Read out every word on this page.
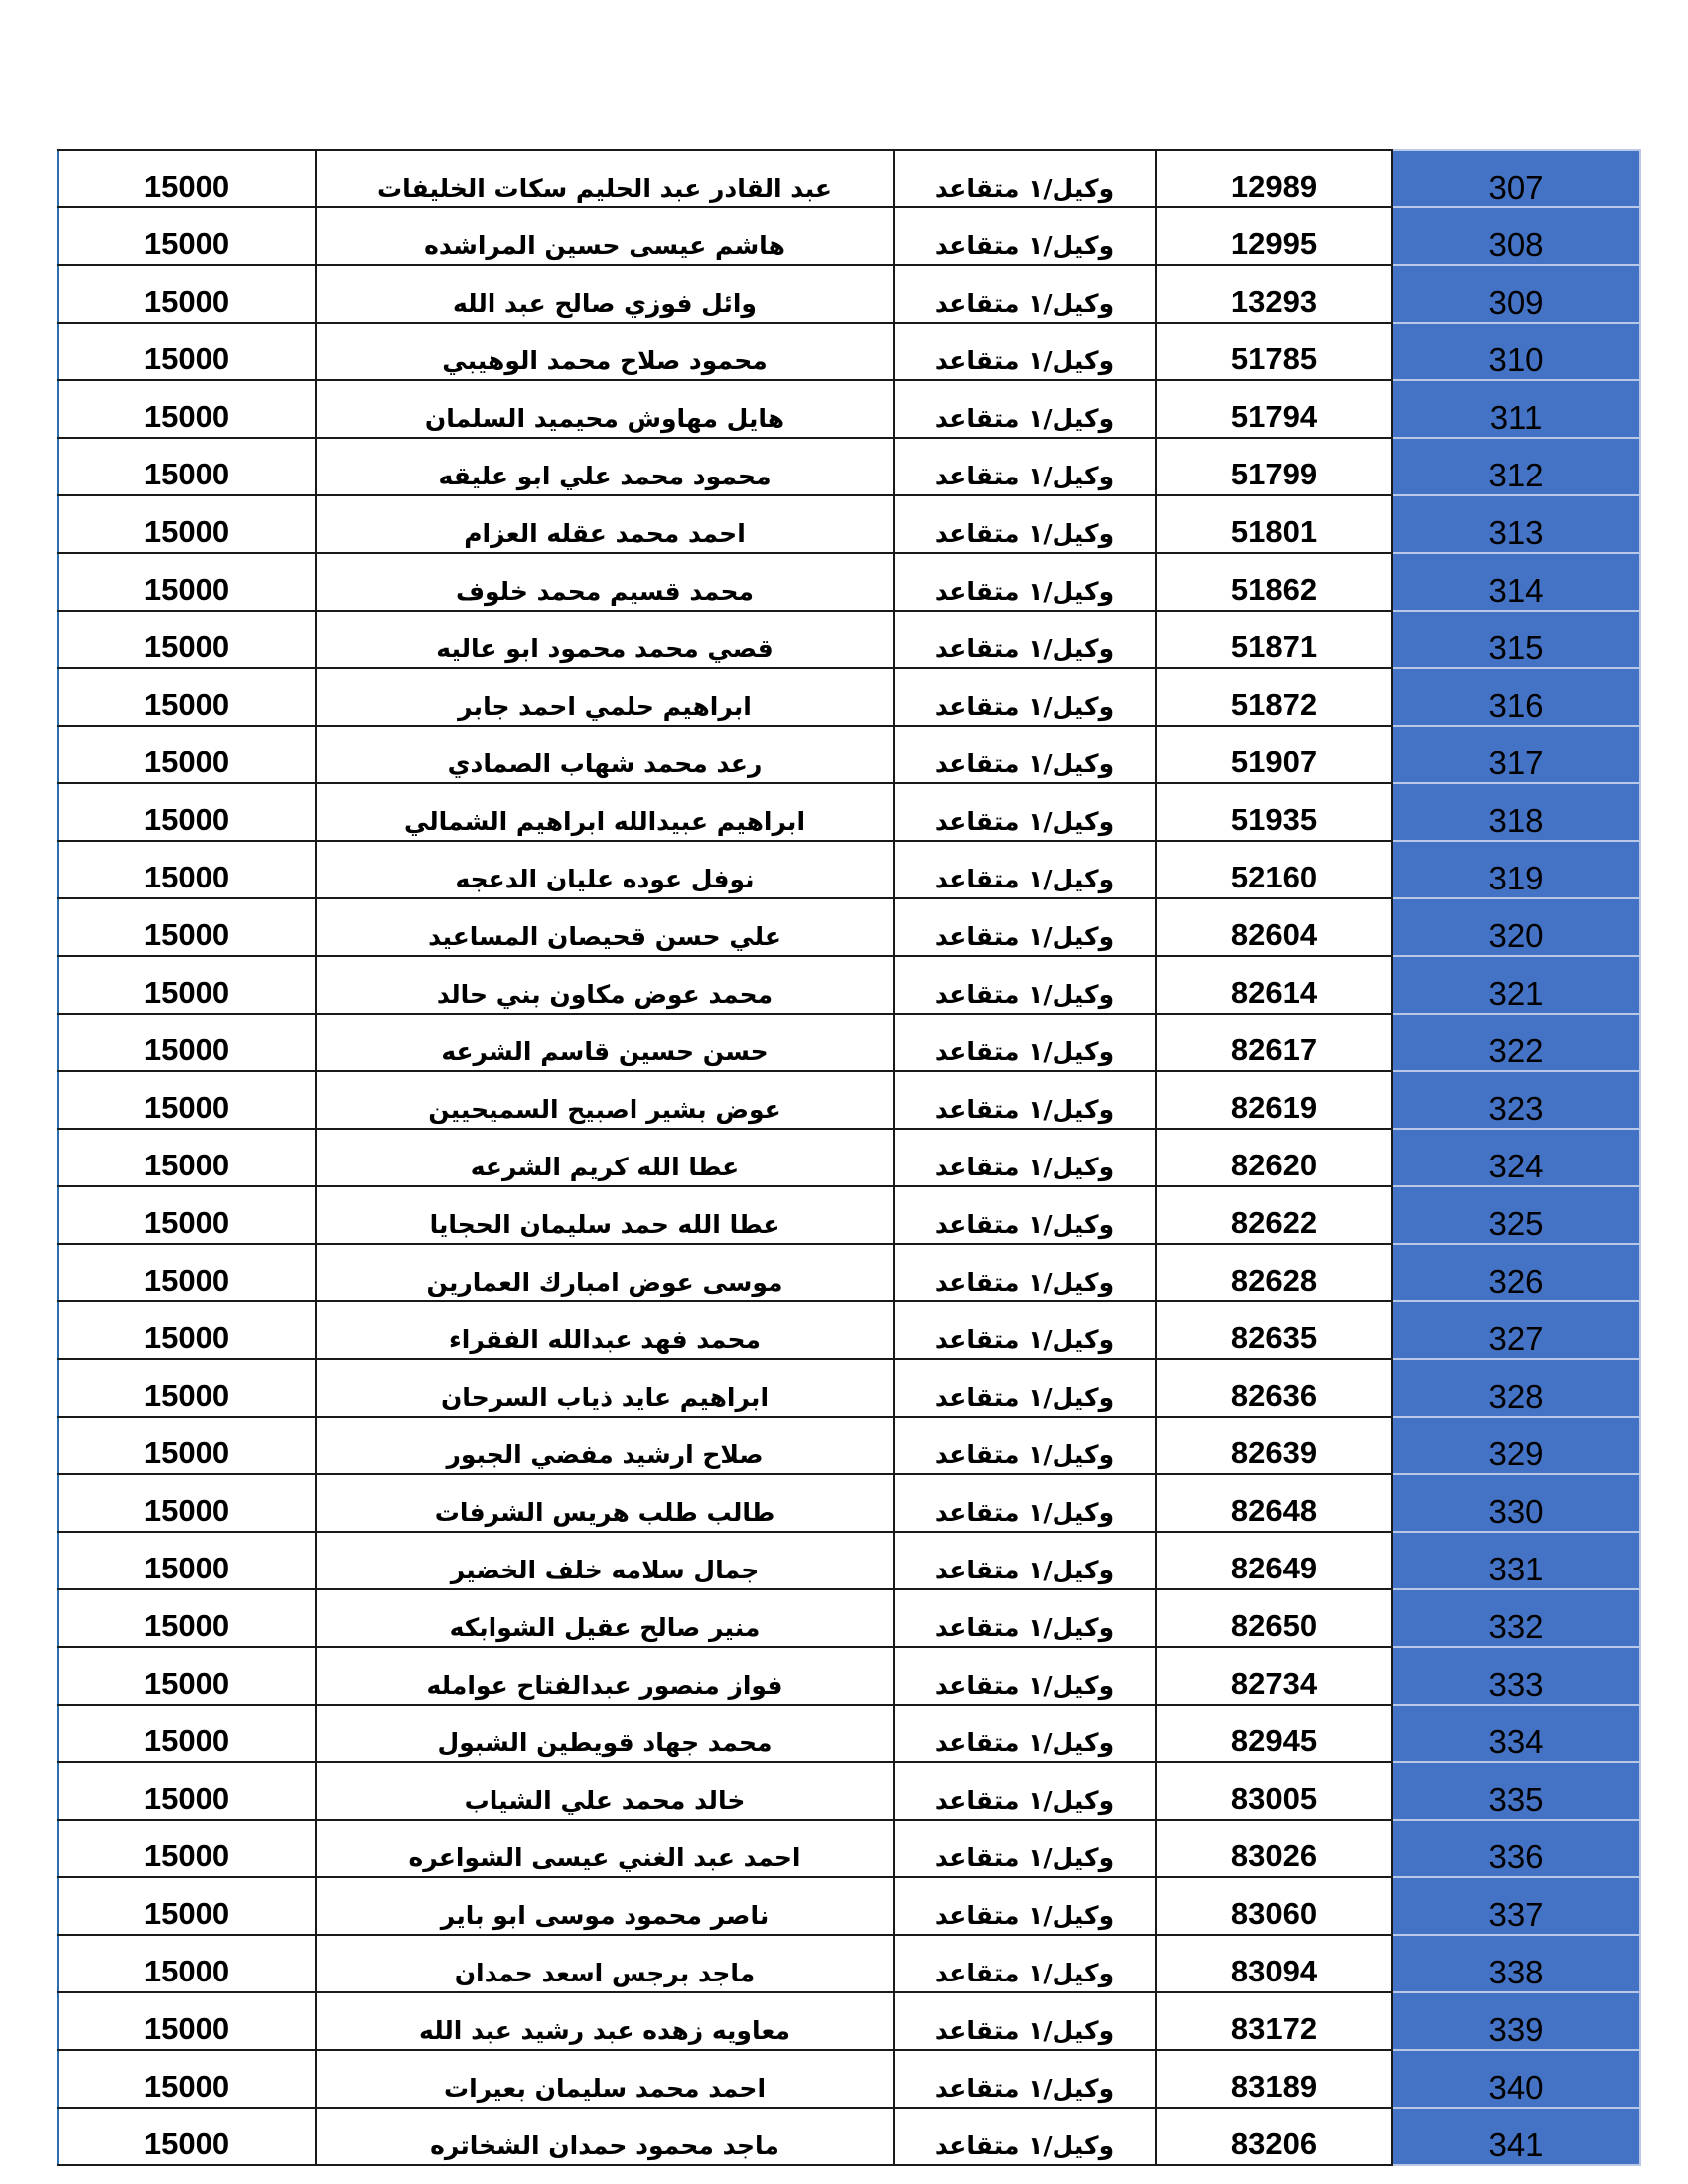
15000	عبد القادر عبد الحليم سكات الخليفات	وكيل/١ متقاعد	12989	307
15000	هاشم عيسى حسين المراشده	وكيل/١ متقاعد	12995	308
15000	وائل فوزي صالح عبد الله	وكيل/١ متقاعد	13293	309
15000	محمود صلاح محمد الوهيبي	وكيل/١ متقاعد	51785	310
15000	هايل مهاوش محيميد السلمان	وكيل/١ متقاعد	51794	311
15000	محمود محمد علي ابو عليقه	وكيل/١ متقاعد	51799	312
15000	احمد محمد عقله العزام	وكيل/١ متقاعد	51801	313
15000	محمد قسيم محمد خلوف	وكيل/١ متقاعد	51862	314
15000	قصي محمد محمود ابو عاليه	وكيل/١ متقاعد	51871	315
15000	ابراهيم حلمي احمد جابر	وكيل/١ متقاعد	51872	316
15000	رعد محمد شهاب الصمادي	وكيل/١ متقاعد	51907	317
15000	ابراهيم عبيدالله ابراهيم الشمالي	وكيل/١ متقاعد	51935	318
15000	نوفل عوده عليان الدعجه	وكيل/١ متقاعد	52160	319
15000	علي حسن قحيصان المساعيد	وكيل/١ متقاعد	82604	320
15000	محمد عوض مكاون بني حالد	وكيل/١ متقاعد	82614	321
15000	حسن حسين قاسم الشرعه	وكيل/١ متقاعد	82617	322
15000	عوض بشير اصبيح السميحيين	وكيل/١ متقاعد	82619	323
15000	عطا الله كريم الشرعه	وكيل/١ متقاعد	82620	324
15000	عطا الله حمد سليمان الحجايا	وكيل/١ متقاعد	82622	325
15000	موسى عوض امبارك العمارين	وكيل/١ متقاعد	82628	326
15000	محمد فهد عبدالله الفقراء	وكيل/١ متقاعد	82635	327
15000	ابراهيم عايد ذياب السرحان	وكيل/١ متقاعد	82636	328
15000	صلاح ارشيد مفضي الجبور	وكيل/١ متقاعد	82639	329
15000	طالب طلب هريس الشرفات	وكيل/١ متقاعد	82648	330
15000	جمال سلامه خلف الخضير	وكيل/١ متقاعد	82649	331
15000	منير صالح عقيل الشوابكه	وكيل/١ متقاعد	82650	332
15000	فواز منصور عبدالفتاح عوامله	وكيل/١ متقاعد	82734	333
15000	محمد جهاد قويطين الشبول	وكيل/١ متقاعد	82945	334
15000	خالد محمد علي الشياب	وكيل/١ متقاعد	83005	335
15000	احمد عبد الغني عيسى الشواعره	وكيل/١ متقاعد	83026	336
15000	ناصر محمود موسى ابو باير	وكيل/١ متقاعد	83060	337
15000	ماجد برجس اسعد حمدان	وكيل/١ متقاعد	83094	338
15000	معاويه زهده عبد رشيد عبد الله	وكيل/١ متقاعد	83172	339
15000	احمد محمد سليمان بعيرات	وكيل/١ متقاعد	83189	340
15000	ماجد محمود حمدان الشخاتره	وكيل/١ متقاعد	83206	341
